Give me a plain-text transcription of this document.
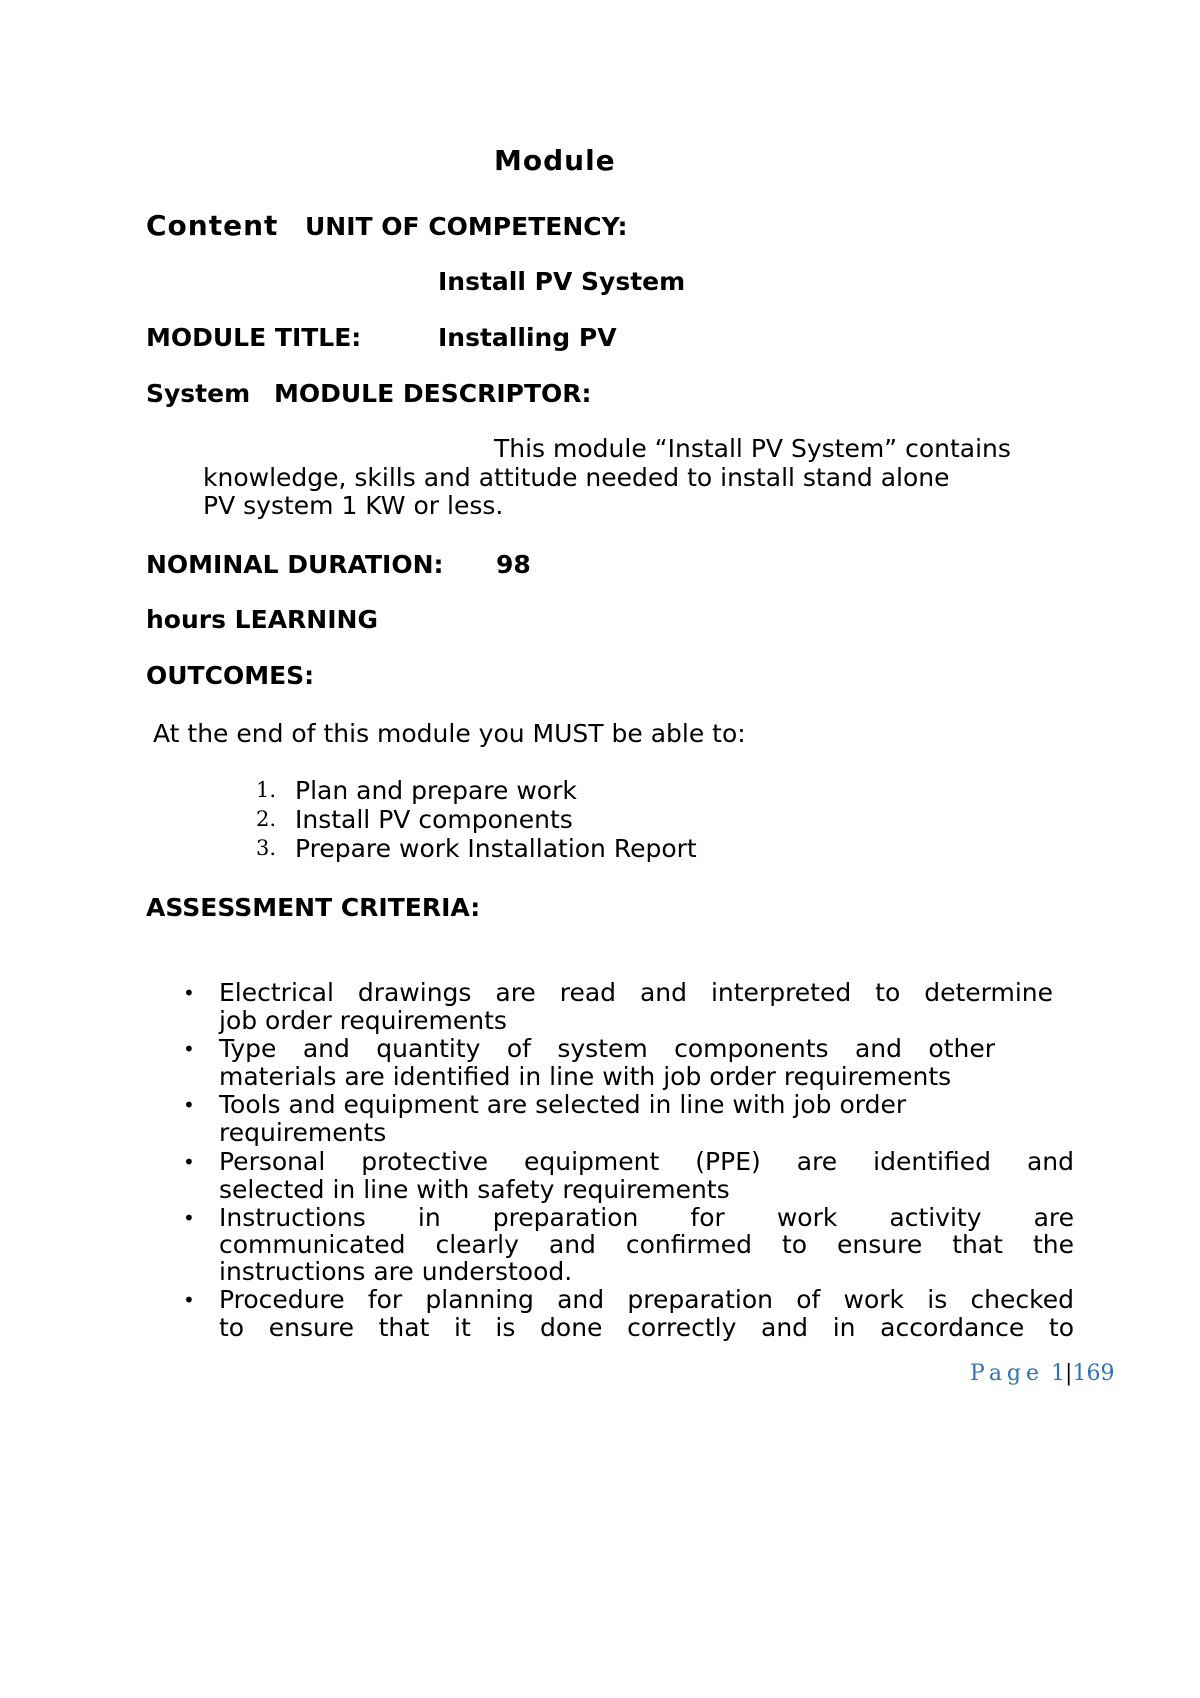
Module
Content UNIT OF COMPETENCY:
Install PV System
MODULE TITLE:	Installing PV
System MODULE DESCRIPTOR:
This module “Install PV System” contains
knowledge, skills and attitude needed to install stand alone
PV system 1 KW or less.
NOMINAL DURATION: 98
hours LEARNING
OUTCOMES:
At the end of this module you MUST be able to:
1. Plan and prepare work
2. Install PV components
3. Prepare work Installation Report
ASSESSMENT CRITERIA:
• Electrical drawings are read and interpreted to determine
job order requirements
• Type and quantity of system components and other
materials are identified in line with job order requirements
• Tools and equipment are selected in line with job order
requirements
• Personal protective equipment (PPE) are identified and
selected in line with safety requirements
• Instructions in preparation for work activity are
communicated clearly and confirmed to ensure that the
instructions are understood.
• Procedure for planning and preparation of work is checked
to ensure that it is done correctly and in accordance to
Page 1|169
